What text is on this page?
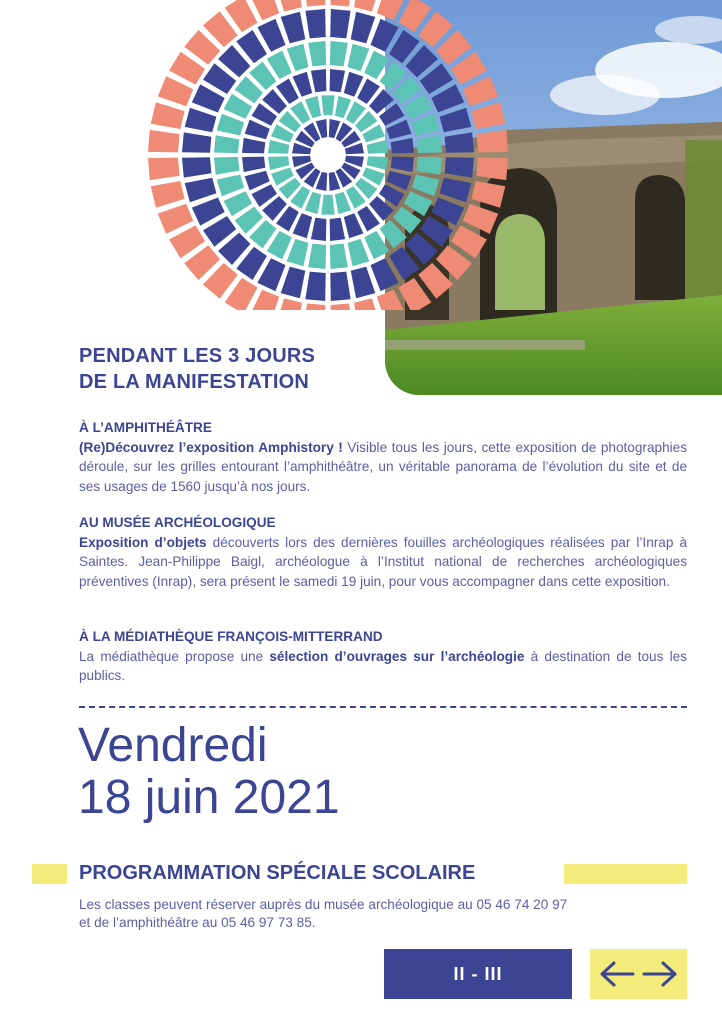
PENDANT LES 3 JOURS
DE LA MANIFESTATION
À L’AMPHITHÉÂTRE
(Re)Découvrez l’exposition Amphistory ! Visible tous les jours, cette exposition de photographies déroule, sur les grilles entourant l’amphithéâtre, un véritable panorama de l’évolution du site et de ses usages de 1560 jusqu’à nos jours.
AU MUSÉE ARCHÉOLOGIQUE
Exposition d’objets découverts lors des dernières fouilles archéologiques réalisées par l’Inrap à Saintes. Jean-Philippe Baigl, archéologue à l’Institut national de recherches archéologiques préventives (Inrap), sera présent le samedi 19 juin, pour vous accompagner dans cette exposition.
À LA MÉDIATHÈQUE FRANÇOIS-MITTERRAND
La médiathèque propose une sélection d’ouvrages sur l’archéologie à destination de tous les publics.
Vendredi
18 juin 2021
PROGRAMMATION SPÉCIALE SCOLAIRE
Les classes peuvent réserver auprès du musée archéologique au 05 46 74 20 97
et de l’amphithéâtre au 05 46 97 73 85.
II - III
